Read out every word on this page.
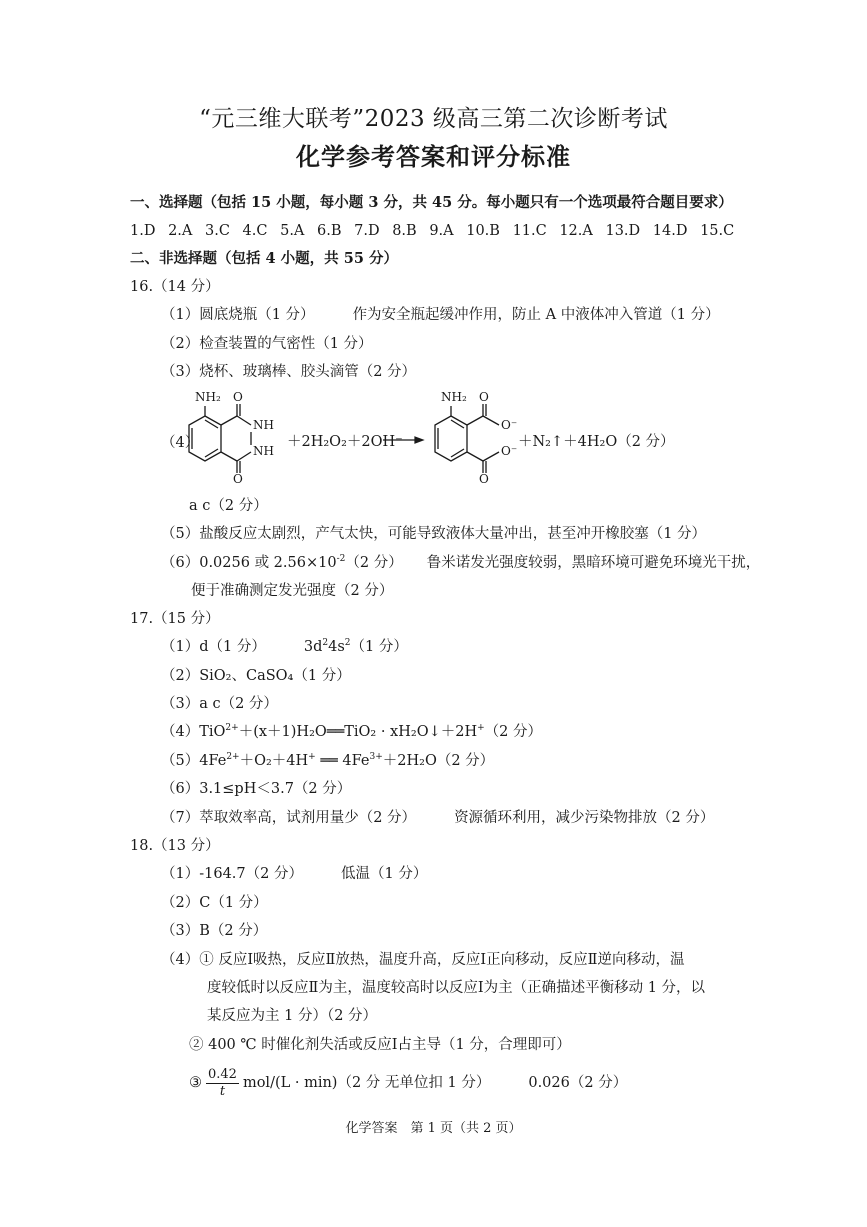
“元三维大联考”2023 级高三第二次诊断考试
化学参考答案和评分标准
一、选择题（包括 15 小题，每小题 3 分，共 45 分。每小题只有一个选项最符合题目要求）
1.D 2.A 3.C 4.C 5.A 6.B 7.D 8.B 9.A 10.B 11.C 12.A 13.D 14.D 15.C
二、非选择题（包括 4 小题，共 55 分）
16.（14 分）
（1）圆底烧瓶（1 分）	作为安全瓶起缓冲作用，防止 A 中液体冲入管道（1 分）
（2）检查装置的气密性（1 分）
（3）烧杯、玻璃棒、胶头滴管（2 分）
（4）
NH₂ O
O
NH
NH
＋2H₂O₂＋2OH⁻
NH₂ O
O⁻
O⁻
O
＋N₂↑＋4H₂O（2 分）
a c（2 分）
（5）盐酸反应太剧烈，产气太快，可能导致液体大量冲出，甚至冲开橡胶塞（1 分）
（6）0.0256 或 $2.56\times 10^{-2}(2$ 分） 鲁米诺发光强度较弱，黑暗环境可避免环境光干扰，
便于准确测定发光强度（2 分）
17.（15 分）
（1）d（1 分）	$3d^24s^2(1$ 分）
（2）SiO₂、CaSO₄（1 分）
（3）a c（2 分）
（4）TiO$^{2+}$＋(x＋1)H₂O══TiO₂ · xH₂O↓＋2H+（2 分）
$(5)4Fe^{2+}+O_2+4H^+$ ══ $4Fe^{3+}+2H_2O(2$ 分）
（6）3.1≤pH＜3.7（2 分）
（7）萃取效率高，试剂用量少（2 分）	资源循环利用，减少污染物排放（2 分）
18.（13 分）
（1）-164.7（2 分）	低温（1 分）
（2）C（1 分）
（3）B（2 分）
（4）① 反应Ⅰ吸热，反应Ⅱ放热，温度升高，反应Ⅰ正向移动，反应Ⅱ逆向移动，温
度较低时以反应Ⅱ为主，温度较高时以反应Ⅰ为主（正确描述平衡移动 1 分，以
某反应为主 1 分）（2 分）
② 400 ℃ 时催化剂失活或反应Ⅰ占主导（1 分，合理即可）
③ $\frac{0.42}{t} mol/(L \cdot \min)(2$ 分 无单位扣 1 分）	0.026（2 分）
化学答案　第 1 页（共 2 页）
